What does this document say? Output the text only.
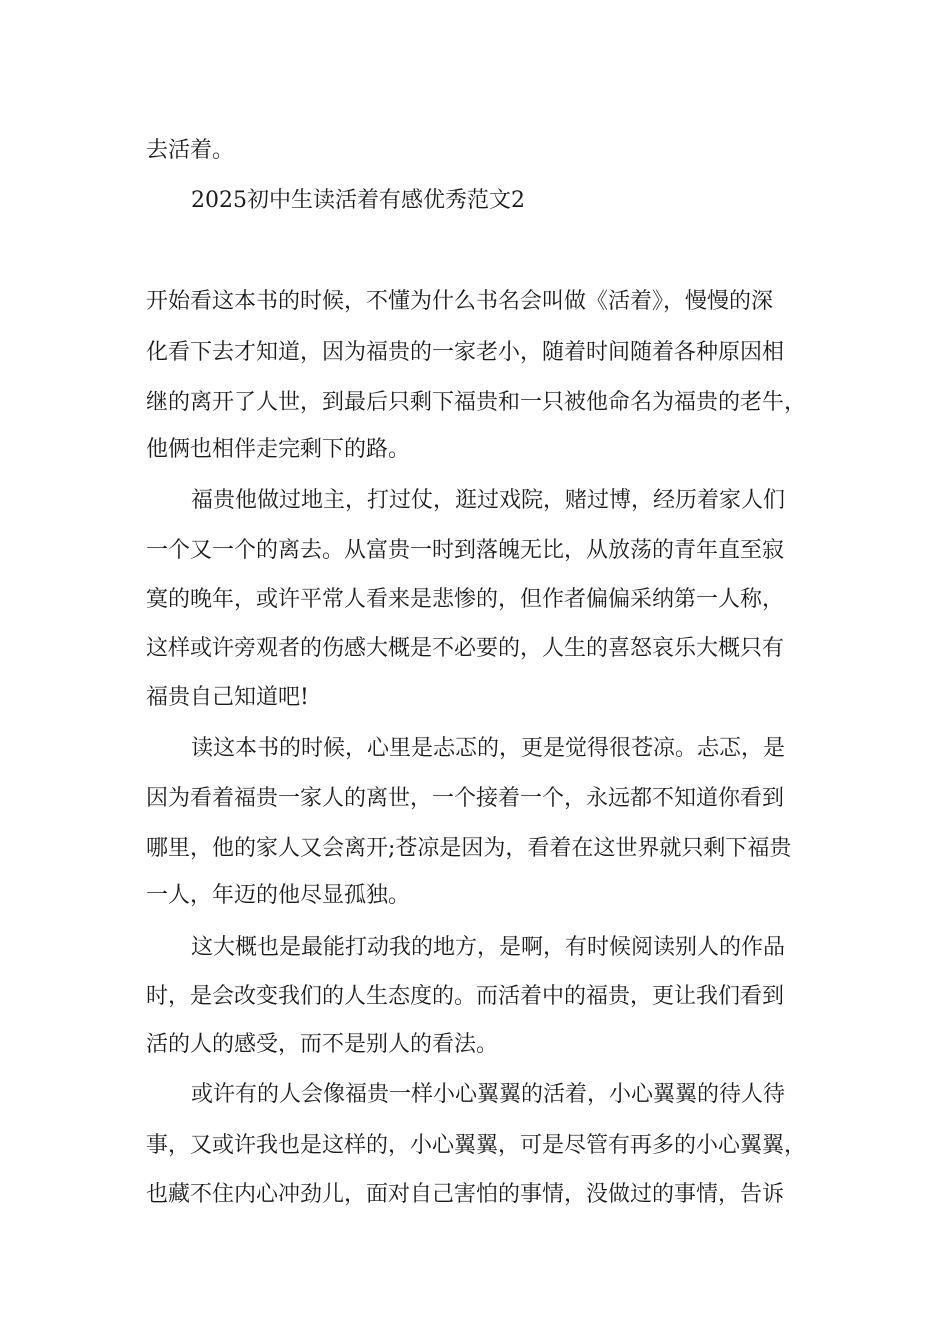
去活着。
2025初中生读活着有感优秀范文2
开始看这本书的时候，不懂为什么书名会叫做《活着》，慢慢的深
化看下去才知道，因为福贵的一家老小，随着时间随着各种原因相
继的离开了人世，到最后只剩下福贵和一只被他命名为福贵的老牛，
他俩也相伴走完剩下的路。
福贵他做过地主，打过仗，逛过戏院，赌过博，经历着家人们
一个又一个的离去。从富贵一时到落魄无比，从放荡的青年直至寂
寞的晚年，或许平常人看来是悲惨的，但作者偏偏采纳第一人称，
这样或许旁观者的伤感大概是不必要的，人生的喜怒哀乐大概只有
福贵自己知道吧!
读这本书的时候，心里是忐忑的，更是觉得很苍凉。忐忑，是
因为看着福贵一家人的离世，一个接着一个，永远都不知道你看到
哪里，他的家人又会离开;苍凉是因为，看着在这世界就只剩下福贵
一人，年迈的他尽显孤独。
这大概也是最能打动我的地方，是啊，有时候阅读别人的作品
时，是会改变我们的人生态度的。而活着中的福贵，更让我们看到
活的人的感受，而不是别人的看法。
或许有的人会像福贵一样小心翼翼的活着，小心翼翼的待人待
事，又或许我也是这样的，小心翼翼，可是尽管有再多的小心翼翼，
也藏不住内心冲劲儿，面对自己害怕的事情，没做过的事情，告诉
